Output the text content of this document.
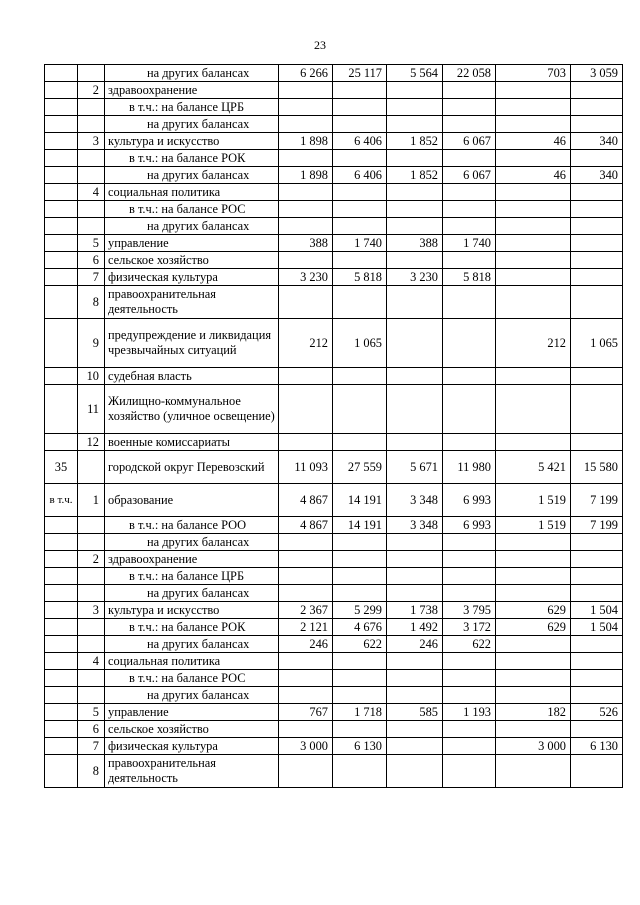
23
		на других балансах	6 266	25 117	5 564	22 058	703	3 059
	2	здравоохранение						
		в т.ч.: на балансе ЦРБ						
		на других балансах						
	3	культура и искусство	1 898	6 406	1 852	6 067	46	340
		в т.ч.: на балансе РОК						
		на других балансах	1 898	6 406	1 852	6 067	46	340
	4	социальная политика						
		в т.ч.: на балансе РОС						
		на других балансах						
	5	управление	388	1 740	388	1 740		
	6	сельское хозяйство						
	7	физическая культура	3 230	5 818	3 230	5 818		
	8	правоохранительная деятельность						
	9	предупреждение и ликвидация чрезвычайных ситуаций	212	1 065			212	1 065
	10	судебная власть						
	11	Жилищно-коммунальное хозяйство (уличное освещение)						
	12	военные комиссариаты						
35		городской округ Перевозский	11 093	27 559	5 671	11 980	5 421	15 580
в т.ч.	1	образование	4 867	14 191	3 348	6 993	1 519	7 199
		в т.ч.: на балансе РОО	4 867	14 191	3 348	6 993	1 519	7 199
		на других балансах						
	2	здравоохранение						
		в т.ч.: на балансе ЦРБ						
		на других балансах						
	3	культура и искусство	2 367	5 299	1 738	3 795	629	1 504
		в т.ч.: на балансе РОК	2 121	4 676	1 492	3 172	629	1 504
		на других балансах	246	622	246	622		
	4	социальная политика						
		в т.ч.: на балансе РОС						
		на других балансах						
	5	управление	767	1 718	585	1 193	182	526
	6	сельское хозяйство						
	7	физическая культура	3 000	6 130			3 000	6 130
	8	правоохранительная деятельность						
